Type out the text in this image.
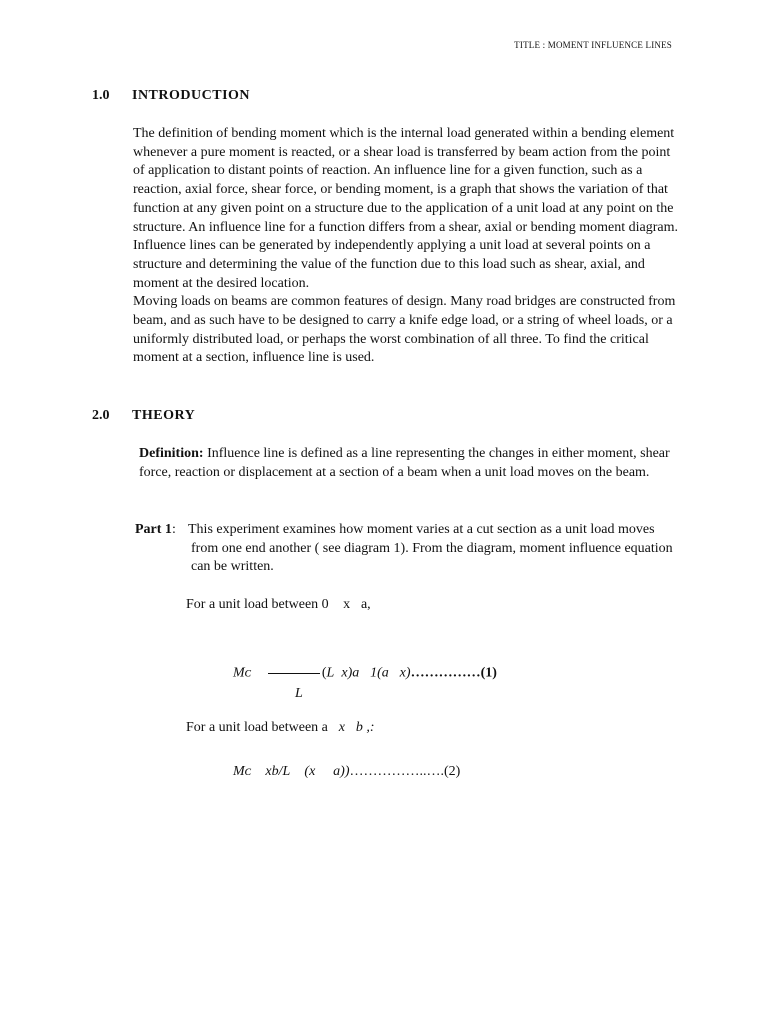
TITLE : MOMENT INFLUENCE LINES
1.0 INTRODUCTION

The definition of bending moment which is the internal load generated within a bending element whenever a pure moment is reacted, or a shear load is transferred by beam action from the point of application to distant points of reaction. An influence line for a given function, such as a reaction, axial force, shear force, or bending moment, is a graph that shows the variation of that function at any given point on a structure due to the application of a unit load at any point on the structure. An influence line for a function differs from a shear, axial or bending moment diagram. Influence lines can be generated by independently applying a unit load at several points on a structure and determining the value of the function due to this load such as shear, axial, and moment at the desired location.

Moving loads on beams are common features of design. Many road bridges are constructed from beam, and as such have to be designed to carry a knife edge load, or a string of wheel loads, or a uniformly distributed load, or perhaps the worst combination of all three. To find the critical moment at a section, influence line is used.

2.0 THEORY

Definition: Influence line is defined as a line representing the changes in either moment, shear force, reaction or displacement at a section of a beam when a unit load moves on the beam.

Part 1: This experiment examines how moment varies at a cut section as a unit load moves from one end another ( see diagram 1). From the diagram, moment influence equation can be written.
For a unit load between 0 x a,
Mᴄ	(L x)a 1(a x)……………(1)
L
For a unit load between a x b ,:
Mᴄ xb/L (x a))……………..….(2)
